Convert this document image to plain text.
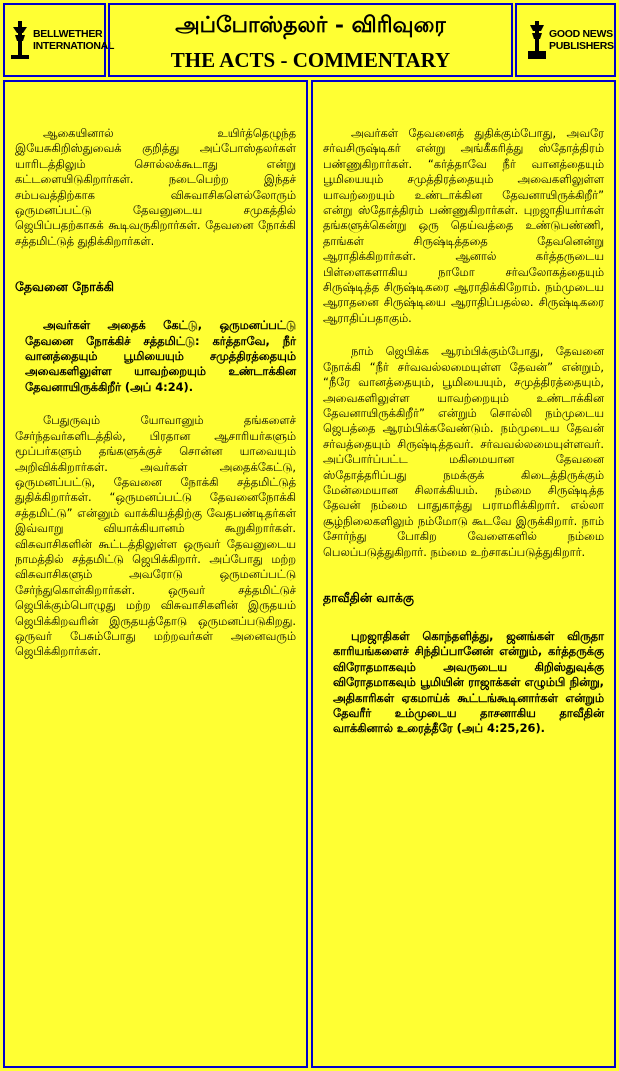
BELLWETHER
INTERNATIONAL
அப்போஸ்தலர் - விரிவுரை
THE ACTS - COMMENTARY
GOOD NEWS
PUBLISHERS

ஆகையினால் உயிர்த்தெழுந்த இயேசுகிறிஸ்துவைக் குறித்து அப்போஸ்தலர்கள் யாரிடத்திலும் சொல்லக்கூடாது என்று கட்டளையிடுகிறார்கள். நடைபெற்ற இந்தச் சம்பவத்திற்காக விசுவாசிகளெல்லோரும் ஒருமனப்பட்டு தேவனுடைய சமுகத்தில் ஜெபிப்பதற்காகக் கூடிவருகிறார்கள். தேவனை நோக்கி சத்தமிட்டுத் துதிக்கிறார்கள்.

தேவனை நோக்கி

அவர்கள் அதைக் கேட்டு, ஒருமனப்பட்டு தேவனை நோக்கிச் சத்தமிட்டு: கர்த்தாவே, நீர் வானத்தையும் பூமியையும் சமுத்திரத்தையும் அவைகளிலுள்ள யாவற்றையும் உண்டாக்கின தேவனாயிருக்கிறீர் (அப் 4:24).

பேதுருவும் யோவானும் தங்களைச் சேர்ந்தவர்களிடத்தில், பிரதான ஆசாரியர்களும் மூப்பர்களும் தங்களுக்குச் சொன்ன யாவையும் அறிவிக்கிறார்கள். அவர்கள் அதைக்கேட்டு, ஒருமனப்பட்டு, தேவனை நோக்கி சத்தமிட்டுத் துதிக்கிறார்கள். “ஒருமனப்பட்டு தேவனைநோக்கி சத்தமிட்டு” என்னும் வாக்கியத்திற்கு வேதபண்டிதர்கள் இவ்வாறு வியாக்கியானம் கூறுகிறார்கள். விசுவாசிகளின் கூட்டத்திலுள்ள ஒருவர் தேவனுடைய நாமத்தில் சத்தமிட்டு ஜெபிக்கிறார். அப்போது மற்ற விசுவாசிகளும் அவரோடு ஒருமனப்பட்டு சேர்ந்துகொள்கிறார்கள். ஒருவர் சத்தமிட்டுச் ஜெபிக்கும்பொழுது மற்ற விசுவாசிகளின் இருதயம் ஜெபிக்கிறவரின் இருதயத்தோடு ஒருமனப்படுகிறது. ஒருவர் பேசும்போது மற்றவர்கள் அனைவரும் ஜெபிக்கிறார்கள்.

அவர்கள் தேவனைத் துதிக்கும்போது, அவரே சர்வசிருஷ்டிகர் என்று அங்கீகரித்து ஸ்தோத்திரம் பண்ணுகிறார்கள். “கர்த்தாவே நீர் வானத்தையும் பூமியையும் சமுத்திரத்தையும் அவைகளிலுள்ள யாவற்றையும் உண்டாக்கின தேவனாயிருக்கிறீர்” என்று ஸ்தோத்திரம் பண்ணுகிறார்கள். புறஜாதியார்கள் தங்களுக்கென்று ஒரு தெய்வத்தை உண்டுபண்ணி, தாங்கள் சிருஷ்டித்ததை தேவனென்று ஆராதிக்கிறார்கள். ஆனால் கர்த்தருடைய பிள்ளைகளாகிய நாமோ சர்வலோகத்தையும் சிருஷ்டித்த சிருஷ்டிகரை ஆராதிக்கிறோம். நம்முடைய ஆராதனை சிருஷ்டியை ஆராதிப்பதல்ல. சிருஷ்டிகரை ஆராதிப்பதாகும்.

நாம் ஜெபிக்க ஆரம்பிக்கும்போது, தேவனை நோக்கி “நீர் சர்வவல்லமையுள்ள தேவன்” என்றும், “நீரே வானத்தையும், பூமியையும், சமுத்திரத்தையும், அவைகளிலுள்ள யாவற்றையும் உண்டாக்கின தேவனாயிருக்கிறீர்” என்றும் சொல்லி நம்முடைய ஜெபத்தை ஆரம்பிக்கவேண்டும். நம்முடைய தேவன் சர்வத்தையும் சிருஷ்டித்தவர். சர்வவல்லமையுள்ளவர். அப்போர்ப்பட்ட மகிமையான தேவனை ஸ்தோத்தரிப்பது நமக்குக் கிடைத்திருக்கும் மேன்மையான சிலாக்கியம். நம்மை சிருஷ்டித்த தேவன் நம்மை பாதுகாத்து பராமரிக்கிறார். எல்லா சூழ்நிலைகளிலும் நம்மோடு கூடவே இருக்கிறார். நாம் சோர்ந்து போகிற வேளைகளில் நம்மை பெலப்படுத்துகிறார். நம்மை உற்சாகப்படுத்துகிறார்.

தாவீதின் வாக்கு

புறஜாதிகள் கொந்தளித்து, ஜனங்கள் விருதா காரியங்களைச் சிந்திப்பானேன் என்றும், கர்த்தருக்கு விரோதமாகவும் அவருடைய கிறிஸ்துவுக்கு விரோதமாகவும் பூமியின் ராஜாக்கள் எழும்பி நின்று, அதிகாரிகள் ஏகமாய்க் கூட்டங்கூடினார்கள் என்றும் தேவரீர் உம்முடைய தாசனாகிய தாவீதின் வாக்கினால் உரைத்தீரே (அப் 4:25,26).
